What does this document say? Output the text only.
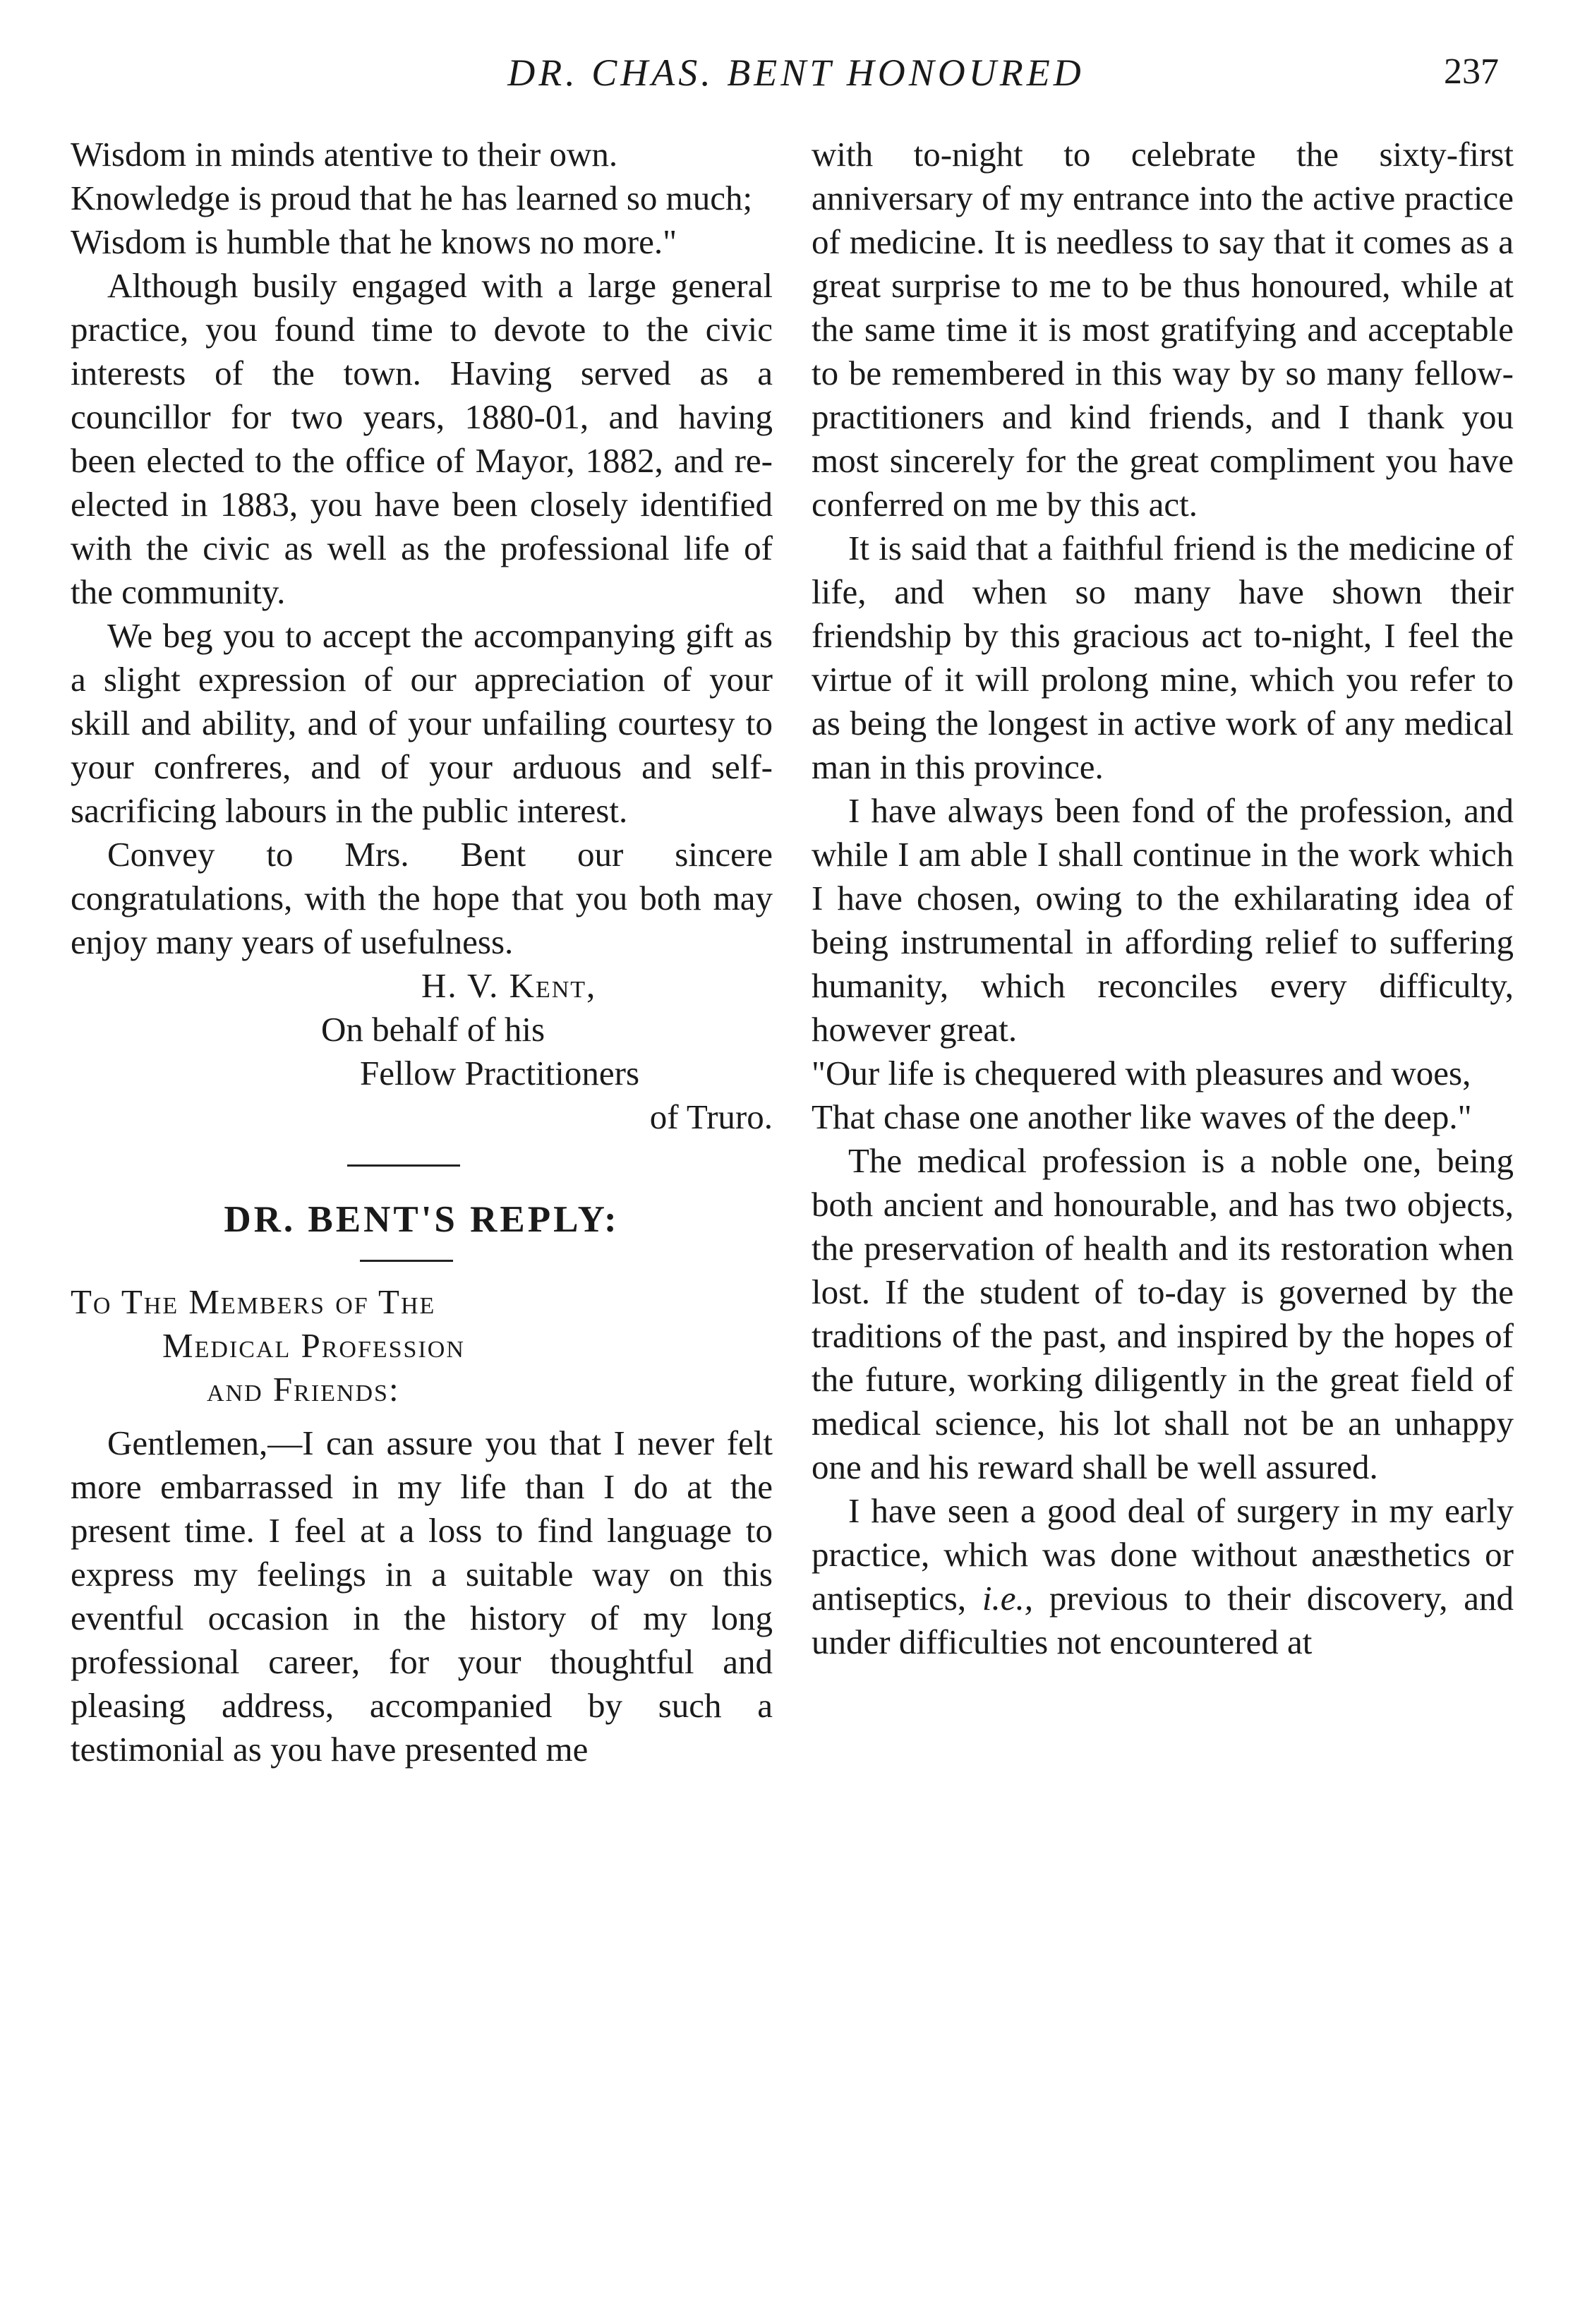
DR. CHAS. BENT HONOURED	237
Wisdom in minds atentive to their own.
Knowledge is proud that he has learned so much;
Wisdom is humble that he knows no more."

Although busily engaged with a large general practice, you found time to devote to the civic interests of the town. Having served as a councillor for two years, 1880-01, and having been elected to the office of Mayor, 1882, and re-elected in 1883, you have been closely identified with the civic as well as the professional life of the community.

We beg you to accept the accompanying gift as a slight expression of our appreciation of your skill and ability, and of your unfailing courtesy to your confreres, and of your arduous and self-sacrificing labours in the public interest.

Convey to Mrs. Bent our sincere congratulations, with the hope that you both may enjoy many years of usefulness.

H. V. Kent,
On behalf of his
Fellow Practitioners
of Truro.
DR. BENT'S REPLY:
To The Members of The
Medical Profession
and Friends:

Gentlemen,—I can assure you that I never felt more embarrassed in my life than I do at the present time. I feel at a loss to find language to express my feelings in a suitable way on this eventful occasion in the history of my long professional career, for your thoughtful and pleasing address, accompanied by such a testimonial as you have presented me

with to-night to celebrate the sixty-first anniversary of my entrance into the active practice of medicine. It is needless to say that it comes as a great surprise to me to be thus honoured, while at the same time it is most gratifying and acceptable to be remembered in this way by so many fellow-practitioners and kind friends, and I thank you most sincerely for the great compliment you have conferred on me by this act.

It is said that a faithful friend is the medicine of life, and when so many have shown their friendship by this gracious act to-night, I feel the virtue of it will prolong mine, which you refer to as being the longest in active work of any medical man in this province.

I have always been fond of the profession, and while I am able I shall continue in the work which I have chosen, owing to the exhilarating idea of being instrumental in affording relief to suffering humanity, which reconciles every difficulty, however great.

"Our life is chequered with pleasures and woes,
That chase one another like waves of the deep."

The medical profession is a noble one, being both ancient and honourable, and has two objects, the preservation of health and its restoration when lost. If the student of to-day is governed by the traditions of the past, and inspired by the hopes of the future, working diligently in the great field of medical science, his lot shall not be an unhappy one and his reward shall be well assured.

I have seen a good deal of surgery in my early practice, which was done without anæsthetics or antiseptics, i.e., previous to their discovery, and under difficulties not encountered at
